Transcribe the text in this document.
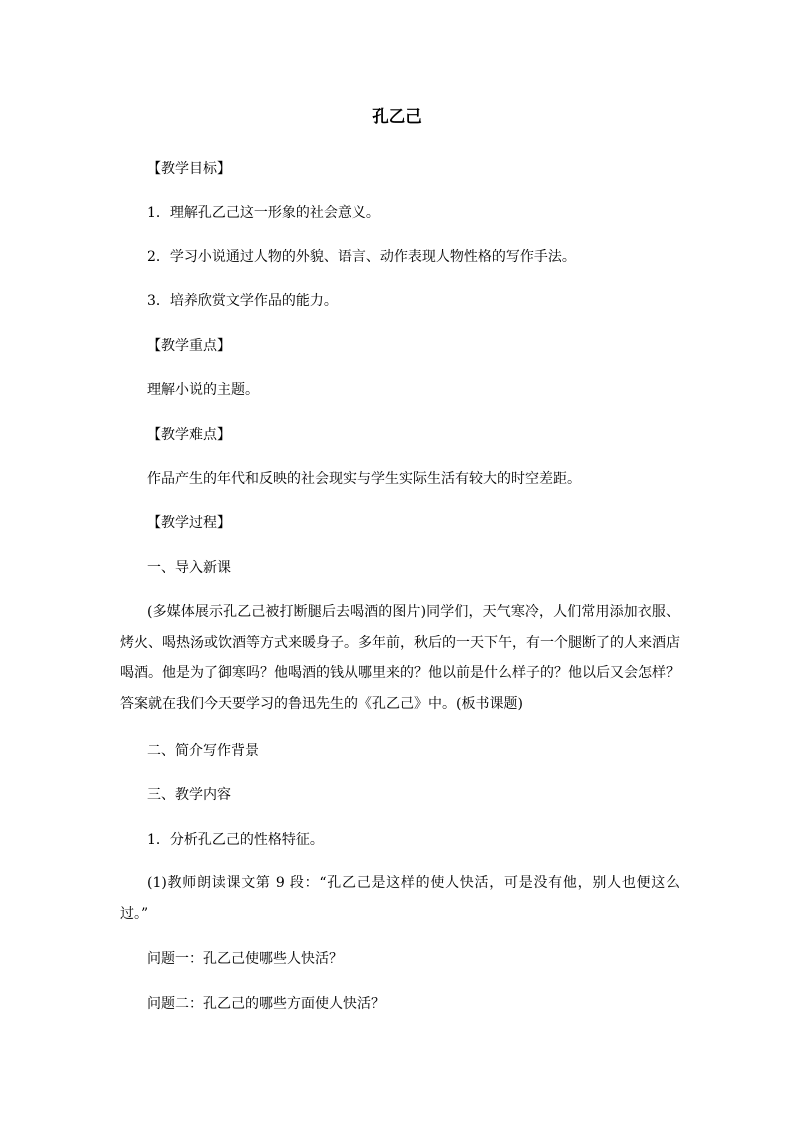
孔乙己

【教学目标】

1．理解孔乙己这一形象的社会意义。

2．学习小说通过人物的外貌、语言、动作表现人物性格的写作手法。

3．培养欣赏文学作品的能力。

【教学重点】

理解小说的主题。

【教学难点】

作品产生的年代和反映的社会现实与学生实际生活有较大的时空差距。

【教学过程】

一、导入新课

(多媒体展示孔乙己被打断腿后去喝酒的图片)同学们，天气寒冷，人们常用添加衣服、烤火、喝热汤或饮酒等方式来暖身子。多年前，秋后的一天下午，有一个腿断了的人来酒店喝酒。他是为了御寒吗？他喝酒的钱从哪里来的？他以前是什么样子的？他以后又会怎样？答案就在我们今天要学习的鲁迅先生的《孔乙己》中。(板书课题)

二、简介写作背景

三、教学内容

1．分析孔乙己的性格特征。

(1)教师朗读课文第 9 段：“孔乙己是这样的使人快活，可是没有他，别人也便这么过。”

问题一：孔乙己使哪些人快活？

问题二：孔乙己的哪些方面使人快活？
